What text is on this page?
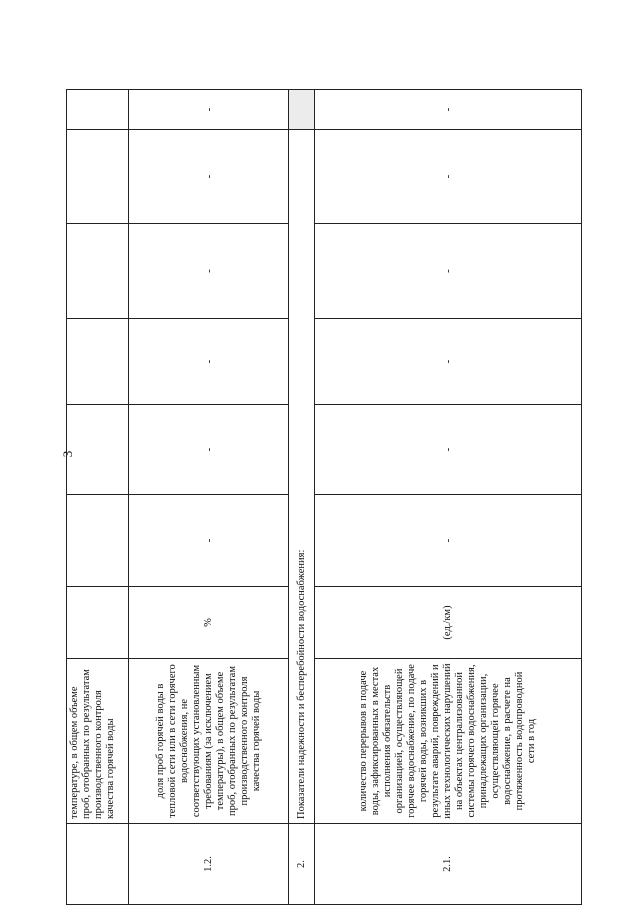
3
	температуре, в общем объеме проб, отобранных по результатам производственного контроля качества горячей воды							
1.2.	доля проб горячей воды в тепловой сети или в сети горячего водоснабжения, не соответствующих установленным требованиям (за исключением температуры), в общем объеме проб, отобранных по результатам производственного контроля качества горячей воды	%	-	-	-	-	-	-
2.	Показатели надежности и бесперебойности водоснабжения:							
2.1.	количество перерывов в подаче воды, зафиксированных в местах исполнения обязательств организацией, осуществляющей горячее водоснабжение, по подаче горячей воды, возникших в результате аварий, повреждений и иных технологических нарушений на объектах централизованной системы горячего водоснабжения, принадлежащих организации, осуществляющей горячее водоснабжение, в расчете на протяженность водопроводной сети в год	(ед./км)	-	-	-	-	-	-
